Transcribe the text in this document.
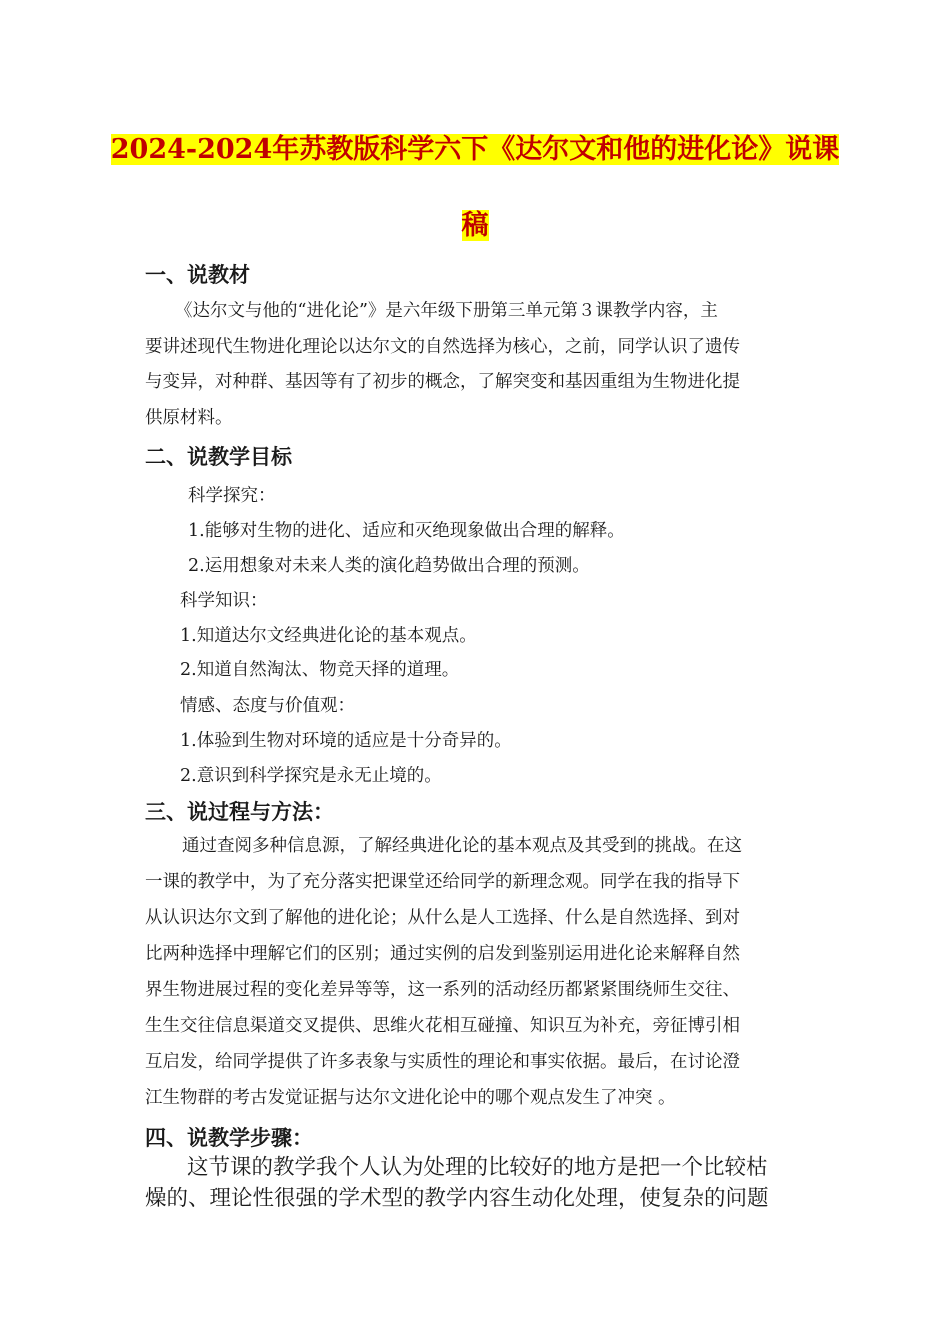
2024-2024年苏教版科学六下《达尔文和他的进化论》说课
稿
一、说教材
《达尔文与他的“进化论”》是六年级下册第三单元第３课教学内容，主
要讲述现代生物进化理论以达尔文的自然选择为核心，之前，同学认识了遗传
与变异，对种群、基因等有了初步的概念，了解突变和基因重组为生物进化提
供原材料。
二、说教学目标
科学探究：
1.能够对生物的进化、适应和灭绝现象做出合理的解释。
2.运用想象对未来人类的演化趋势做出合理的预测。
科学知识：
1.知道达尔文经典进化论的基本观点。
2.知道自然淘汰、物竞天择的道理。
情感、态度与价值观：
1.体验到生物对环境的适应是十分奇异的。
2.意识到科学探究是永无止境的。
三、说过程与方法：
通过查阅多种信息源，了解经典进化论的基本观点及其受到的挑战。在这
一课的教学中，为了充分落实把课堂还给同学的新理念观。同学在我的指导下
从认识达尔文到了解他的进化论；从什么是人工选择、什么是自然选择、到对
比两种选择中理解它们的区别；通过实例的启发到鉴别运用进化论来解释自然
界生物进展过程的变化差异等等，这一系列的活动经历都紧紧围绕师生交往、
生生交往信息渠道交叉提供、思维火花相互碰撞、知识互为补充，旁征博引相
互启发，给同学提供了许多表象与实质性的理论和事实依据。最后，在讨论澄
江生物群的考古发觉证据与达尔文进化论中的哪个观点发生了冲突 。
四、说教学步骤：
这节课的教学我个人认为处理的比较好的地方是把一个比较枯
燥的、理论性很强的学术型的教学内容生动化处理，使复杂的问题
